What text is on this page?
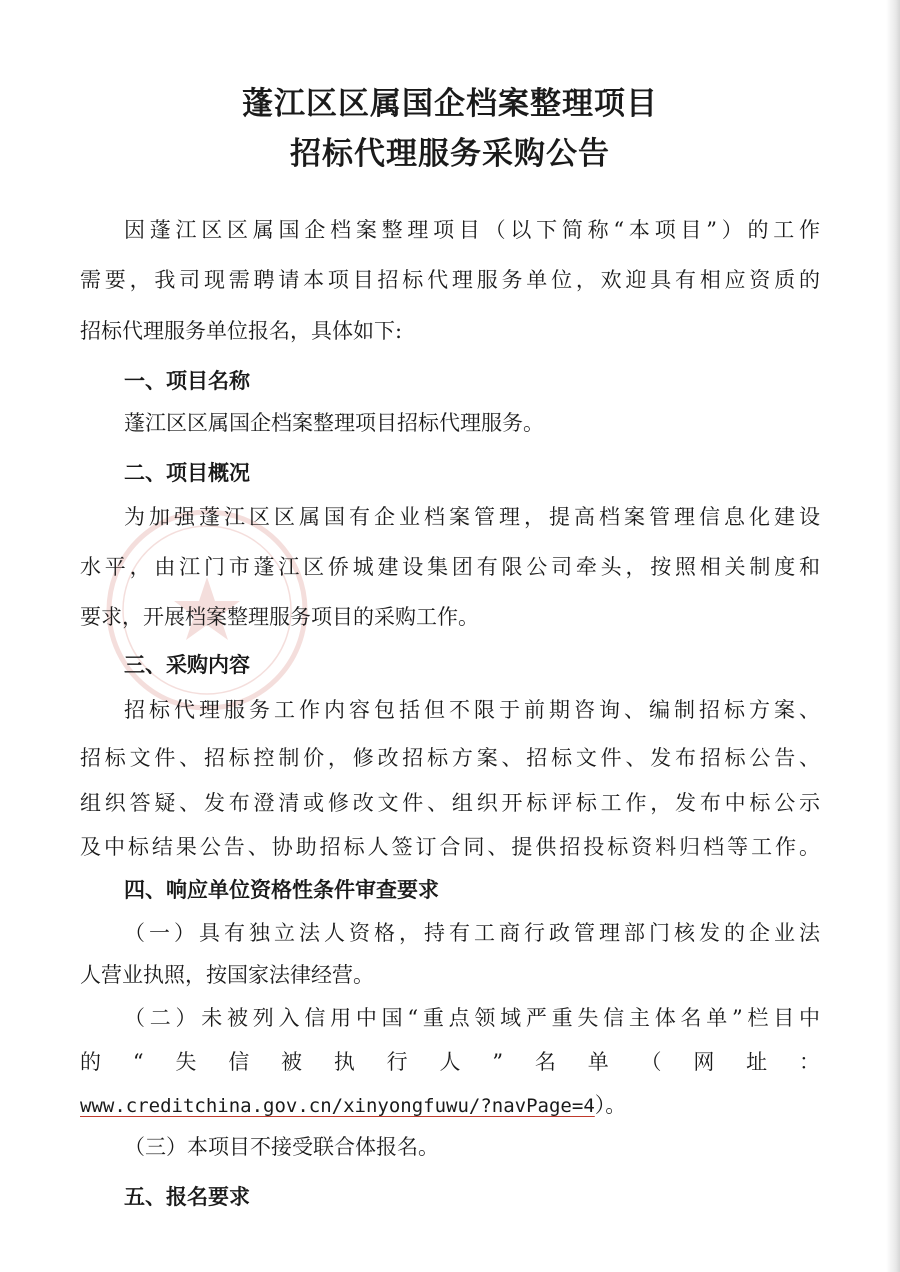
蓬江区区属国企档案整理项目
招标代理服务采购公告

因蓬江区区属国企档案整理项目（以下简称“本项目”）的工作

需要，我司现需聘请本项目招标代理服务单位，欢迎具有相应资质的

招标代理服务单位报名，具体如下:

一、项目名称

蓬江区区属国企档案整理项目招标代理服务。

二、项目概况

为加强蓬江区区属国有企业档案管理，提高档案管理信息化建设

水平，由江门市蓬江区侨城建设集团有限公司牵头，按照相关制度和

要求，开展档案整理服务项目的采购工作。

三、采购内容

招标代理服务工作内容包括但不限于前期咨询、编制招标方案、

招标文件、招标控制价，修改招标方案、招标文件、发布招标公告、

组织答疑、发布澄清或修改文件、组织开标评标工作，发布中标公示

及中标结果公告、协助招标人签订合同、提供招投标资料归档等工作。

四、响应单位资格性条件审查要求

（一）具有独立法人资格，持有工商行政管理部门核发的企业法

人营业执照，按国家法律经营。

（二）未被列入信用中国“重点领域严重失信主体名单”栏目中

的“失信被执行人”名单（网址：

www.creditchina.gov.cn/xinyongfuwu/?navPage=4）。

（三）本项目不接受联合体报名。

五、报名要求
